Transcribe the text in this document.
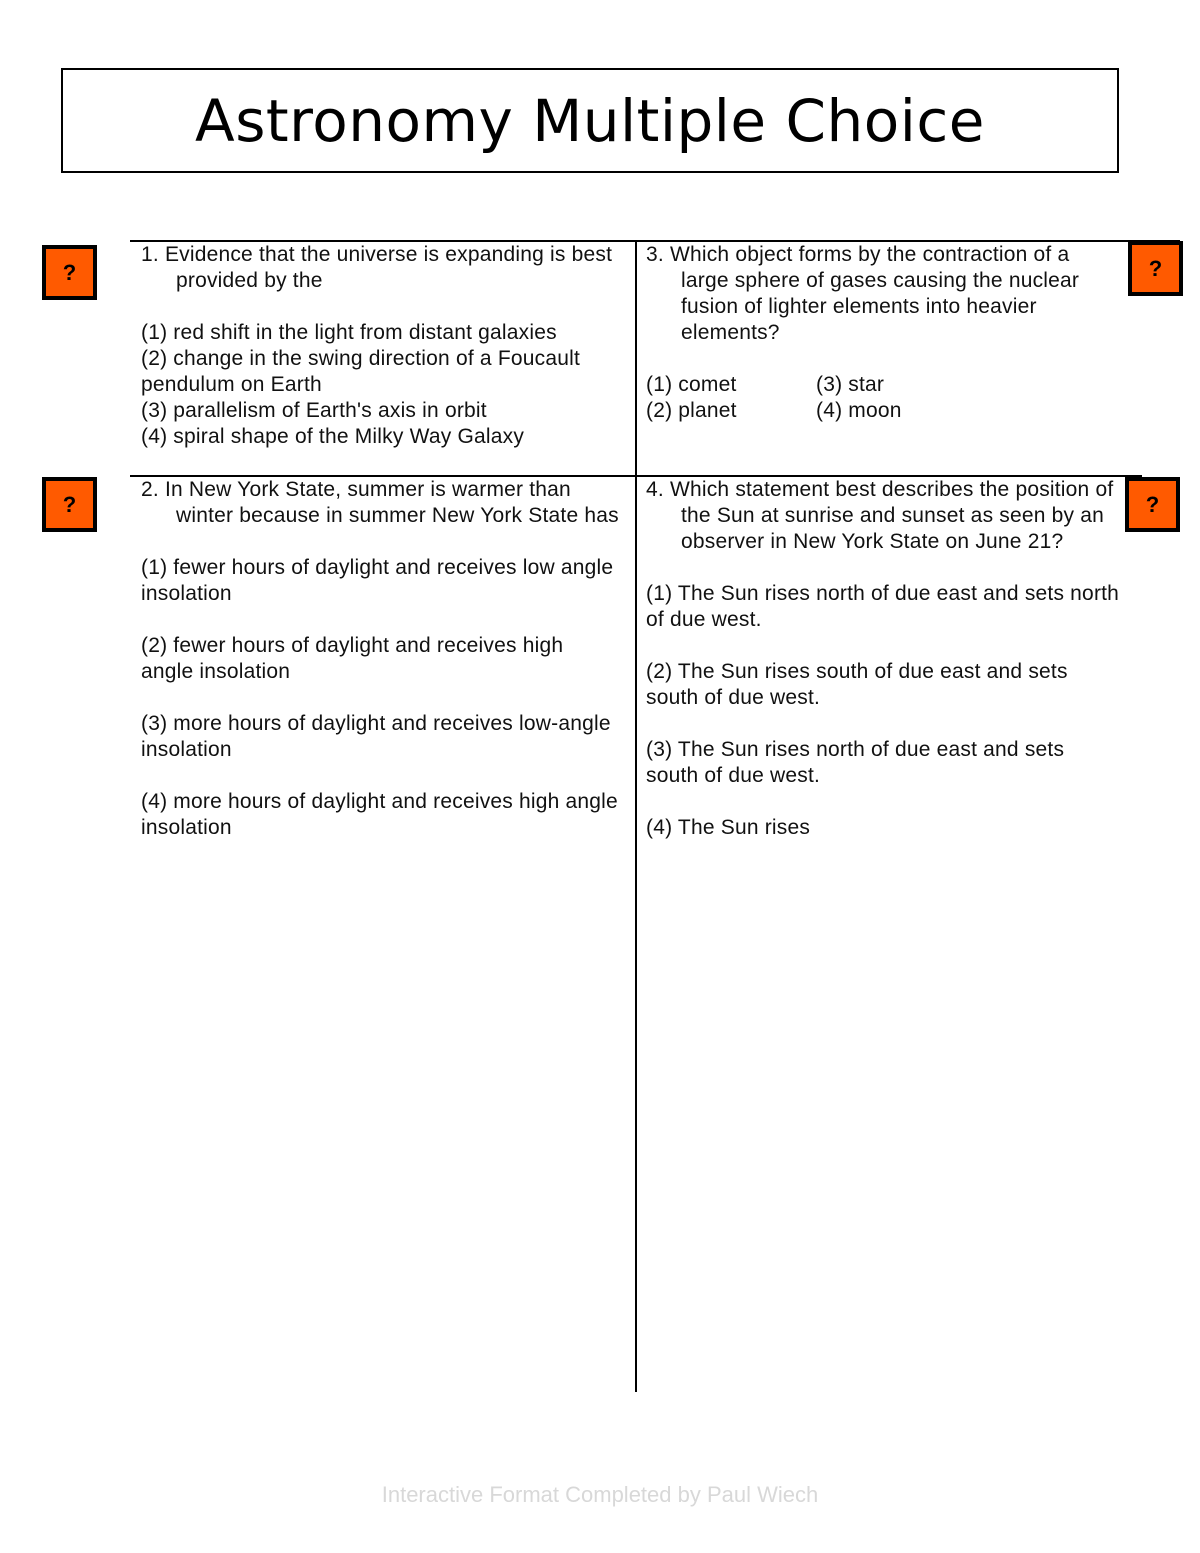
Astronomy Multiple Choice
?
?
?
?

1. Evidence that the universe is expanding is best provided by the

(1) red shift in the light from distant galaxies

(2) change in the swing direction of a Foucault pendulum on Earth

(3) parallelism of Earth's axis in orbit

(4) spiral shape of the Milky Way Galaxy

3. Which object forms by the contraction of a large sphere of gases causing the nuclear fusion of lighter elements into heavier elements?

(1) comet	(3) star

(2) planet	(4) moon

2. In New York State, summer is warmer than winter because in summer New York State has

(1) fewer hours of daylight and receives low angle insolation

(2) fewer hours of daylight and receives high angle insolation

(3) more hours of daylight and receives low-angle insolation

(4) more hours of daylight and receives high angle insolation

4. Which statement best describes the position of the Sun at sunrise and sunset as seen by an observer in New York State on June 21?

(1) The Sun rises north of due east and sets north of due west.

(2) The Sun rises south of due east and sets south of due west.

(3) The Sun rises north of due east and sets south of due west.

(4) The Sun rises

Interactive Format Completed by Paul Wiech
